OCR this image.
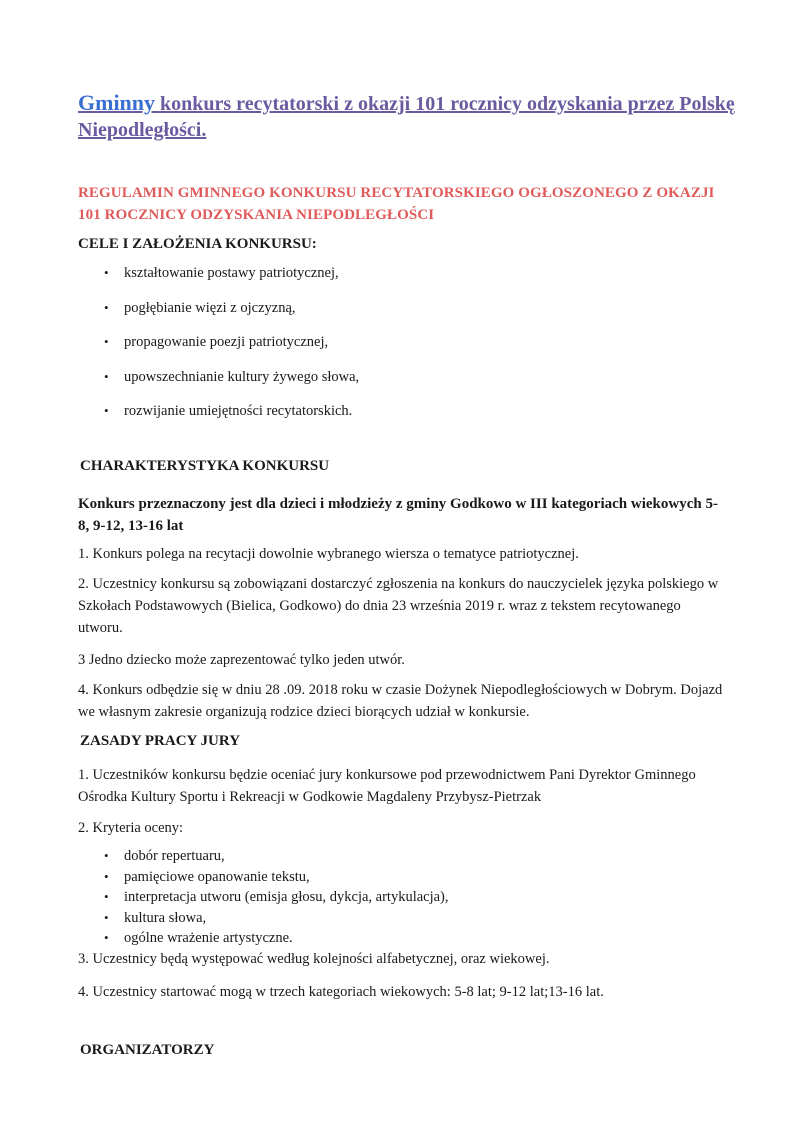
Gminny konkurs recytatorski z okazji 101 rocznicy odzyskania przez Polskę Niepodległości.
REGULAMIN GMINNEGO KONKURSU RECYTATORSKIEGO OGŁOSZONEGO Z OKAZJI 101 ROCZNICY ODZYSKANIA NIEPODLEGŁOŚCI
CELE I ZAŁOŻENIA KONKURSU:
• kształtowanie postawy patriotycznej,
• pogłębianie więzi z ojczyzną,
• propagowanie poezji patriotycznej,
• upowszechnianie kultury żywego słowa,
• rozwijanie umiejętności recytatorskich.
CHARAKTERYSTYKA KONKURSU
Konkurs przeznaczony jest dla dzieci i młodzieży z gminy Godkowo w III kategoriach wiekowych 5-8, 9-12, 13-16 lat
1. Konkurs polega na recytacji dowolnie wybranego wiersza o tematyce patriotycznej.
2. Uczestnicy konkursu są zobowiązani dostarczyć zgłoszenia na konkurs do nauczycielek języka polskiego w Szkołach Podstawowych (Bielica, Godkowo) do dnia 23 września 2019 r. wraz z tekstem recytowanego utworu.
3 Jedno dziecko może zaprezentować tylko jeden utwór.
4. Konkurs odbędzie się w dniu 28 .09. 2018 roku w czasie Dożynek Niepodległościowych w Dobrym. Dojazd we własnym zakresie organizują rodzice dzieci biorących udział w konkursie.
ZASADY PRACY JURY
1. Uczestników konkursu będzie oceniać jury konkursowe pod przewodnictwem Pani Dyrektor Gminnego Ośrodka Kultury Sportu i Rekreacji w Godkowie Magdaleny Przybysz-Pietrzak
2. Kryteria oceny:
• dobór repertuaru,
• pamięciowe opanowanie tekstu,
• interpretacja utworu (emisja głosu, dykcja, artykulacja),
• kultura słowa,
• ogólne wrażenie artystyczne.
3. Uczestnicy będą występować według kolejności alfabetycznej, oraz wiekowej.
4. Uczestnicy startować mogą w trzech kategoriach wiekowych: 5-8 lat; 9-12 lat;13-16 lat.
ORGANIZATORZY
